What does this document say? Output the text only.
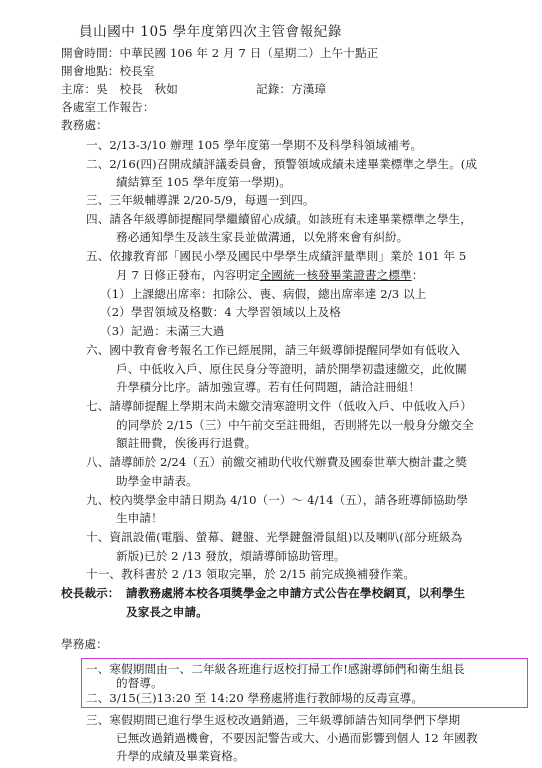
員山國中 105 學年度第四次主管會報紀錄
開會時間：中華民國 106 年 2 月 7 日（星期二）上午十點正
開會地點：校長室
主席：吳　校長　秋如	記錄：方漢璋
各處室工作報告：
教務處：
一、2/13-3/10 辦理 105 學年度第一學期不及科學科領域補考。
二、2/16(四)召開成績評議委員會，預警領域成績未達畢業標準之學生。(成
績結算至 105 學年度第一學期)。
三、三年級輔導課 2/20-5/9，每週一到四。
四、請各年級導師提醒同學繼續留心成績。如該班有未達畢業標準之學生，
務必通知學生及該生家長並做溝通，以免將來會有糾紛。
五、依據教育部「國民小學及國民中學學生成績評量準則」業於 101 年 5
月 7 日修正發布，內容明定全國統一核發畢業證書之標準：
（1）上課總出席率：扣除公、喪、病假，總出席率達 2/3 以上
（2）學習領域及格數：4 大學習領域以上及格
（3）記過：未滿三大過
六、國中教育會考報名工作已經展開，請三年級導師提醒同學如有低收入
戶、中低收入戶、原住民身分等證明，請於開學初盡速繳交，此攸關
升學積分比序。請加強宣導。若有任何問題，請洽註冊組！
七、請導師提醒上學期末尚未繳交清寒證明文件（低收入戶、中低收入戶）
的同學於 2/15（三）中午前交至註冊組，否則將先以一般身分繳交全
額註冊費，俟後再行退費。
八、請導師於 2/24（五）前繳交補助代收代辦費及國泰世華大樹計畫之獎
助學金申請表。
九、校內獎學金申請日期為 4/10（一）～ 4/14（五），請各班導師協助學
生申請！
十、資訊設備(電腦、螢幕、鍵盤、光學鍵盤滑鼠組)以及喇叭(部分班級為
新版)已於 2 /13 發放，煩請導師協助管理。
十一、教科書於 2 /13 領取完畢，於 2/15 前完成換補發作業。
校長裁示： 請教務處將本校各項獎學金之申請方式公告在學校網頁，以利學生
及家長之申請。
學務處：
一、寒假期間由一、二年級各班進行返校打掃工作!感謝導師們和衛生組長
的督導。
二、3/15(三)13:20 至 14:20 學務處將進行教師場的反毒宣導。
三、寒假期間已進行學生返校改過銷過，三年級導師請告知同學們下學期
已無改過銷過機會，不要因記警告或大、小過而影響到個人 12 年國教
升學的成績及畢業資格。
